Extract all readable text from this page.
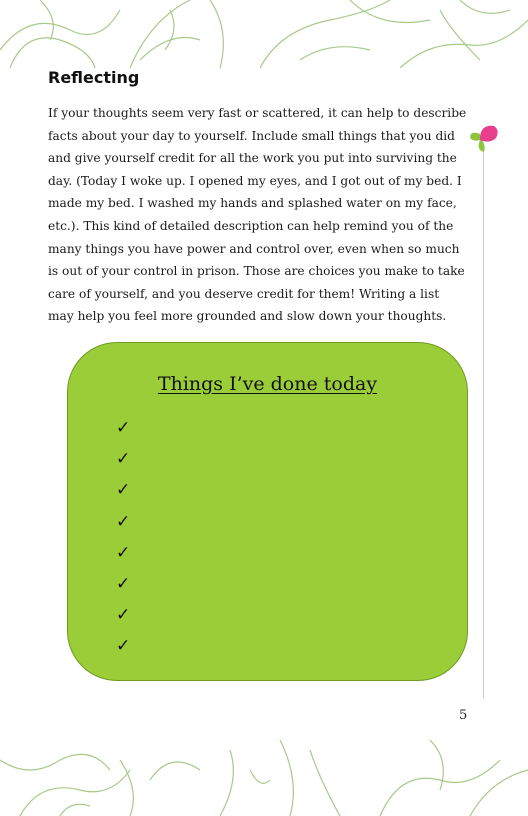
Reflecting

If your thoughts seem very fast or scattered, it can help to describe facts about your day to yourself. Include small things that you did and give yourself credit for all the work you put into surviving the day. (Today I woke up. I opened my eyes, and I got out of my bed. I made my bed. I washed my hands and splashed water on my face, etc.). This kind of detailed description can help remind you of the many things you have power and control over, even when so much is out of your control in prison. Those are choices you make to take care of yourself, and you deserve credit for them! Writing a list may help you feel more grounded and slow down your thoughts.

Things I’ve done today
✓
✓
✓
✓
✓
✓
✓
✓
5
